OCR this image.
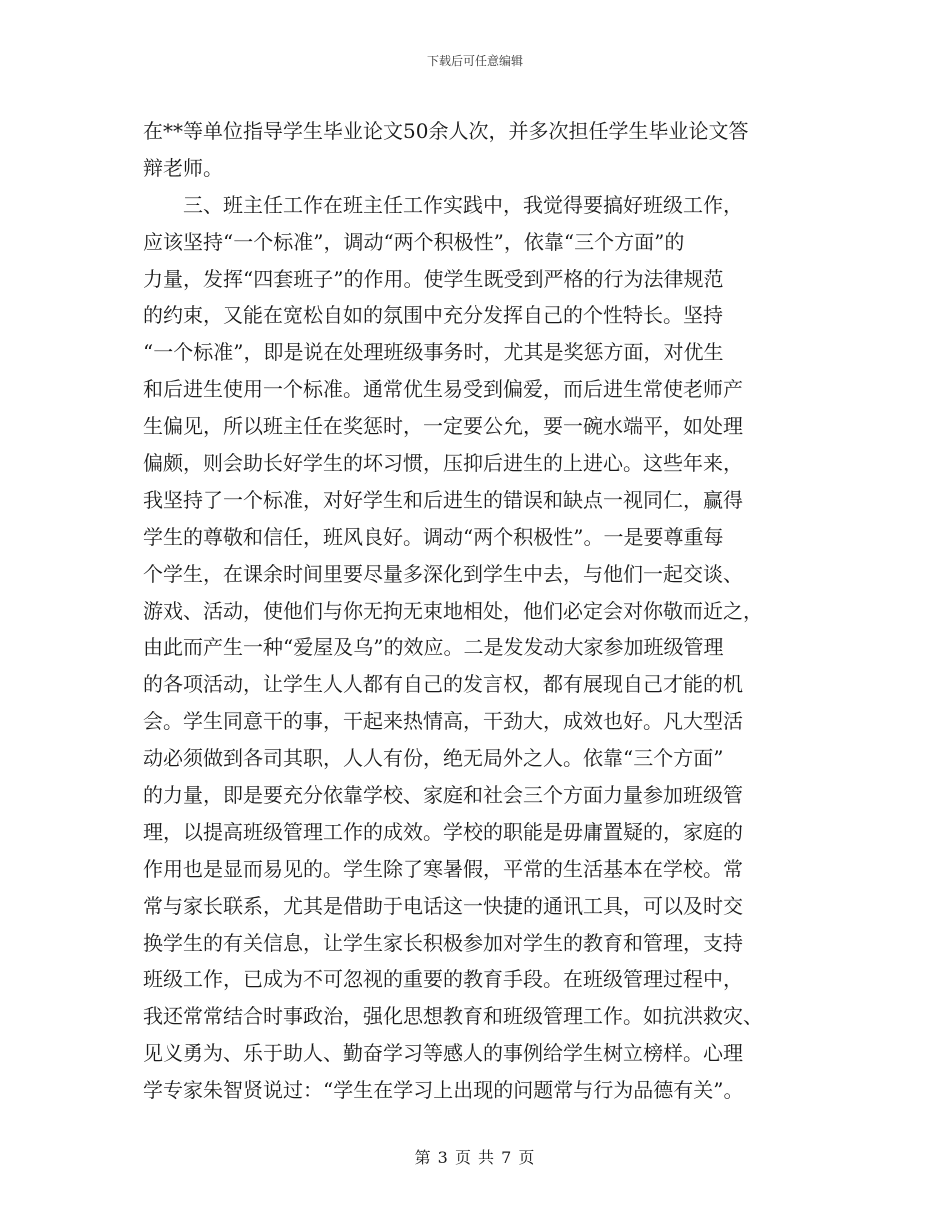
下载后可任意编辑
在**等单位指导学生毕业论文50余人次，并多次担任学生毕业论文答
辩老师。
三、班主任工作在班主任工作实践中，我觉得要搞好班级工作，
应该坚持“一个标准”，调动“两个积极性”，依靠“三个方面”的
力量，发挥“四套班子”的作用。使学生既受到严格的行为法律规范
的约束，又能在宽松自如的氛围中充分发挥自己的个性特长。坚持
“一个标准”，即是说在处理班级事务时，尤其是奖惩方面，对优生
和后进生使用一个标准。通常优生易受到偏爱，而后进生常使老师产
生偏见，所以班主任在奖惩时，一定要公允，要一碗水端平，如处理
偏颇，则会助长好学生的坏习惯，压抑后进生的上进心。这些年来，
我坚持了一个标准，对好学生和后进生的错误和缺点一视同仁，赢得
学生的尊敬和信任，班风良好。调动“两个积极性”。一是要尊重每
个学生，在课余时间里要尽量多深化到学生中去，与他们一起交谈、
游戏、活动，使他们与你无拘无束地相处，他们必定会对你敬而近之，
由此而产生一种“爱屋及乌”的效应。二是发发动大家参加班级管理
的各项活动，让学生人人都有自己的发言权，都有展现自己才能的机
会。学生同意干的事，干起来热情高，干劲大，成效也好。凡大型活
动必须做到各司其职，人人有份，绝无局外之人。依靠“三个方面”
的力量，即是要充分依靠学校、家庭和社会三个方面力量参加班级管
理，以提高班级管理工作的成效。学校的职能是毋庸置疑的，家庭的
作用也是显而易见的。学生除了寒暑假，平常的生活基本在学校。常
常与家长联系，尤其是借助于电话这一快捷的通讯工具，可以及时交
换学生的有关信息，让学生家长积极参加对学生的教育和管理，支持
班级工作，已成为不可忽视的重要的教育手段。在班级管理过程中，
我还常常结合时事政治，强化思想教育和班级管理工作。如抗洪救灾、
见义勇为、乐于助人、勤奋学习等感人的事例给学生树立榜样。心理
学专家朱智贤说过：“学生在学习上出现的问题常与行为品德有关”。
第 3 页 共 7 页
